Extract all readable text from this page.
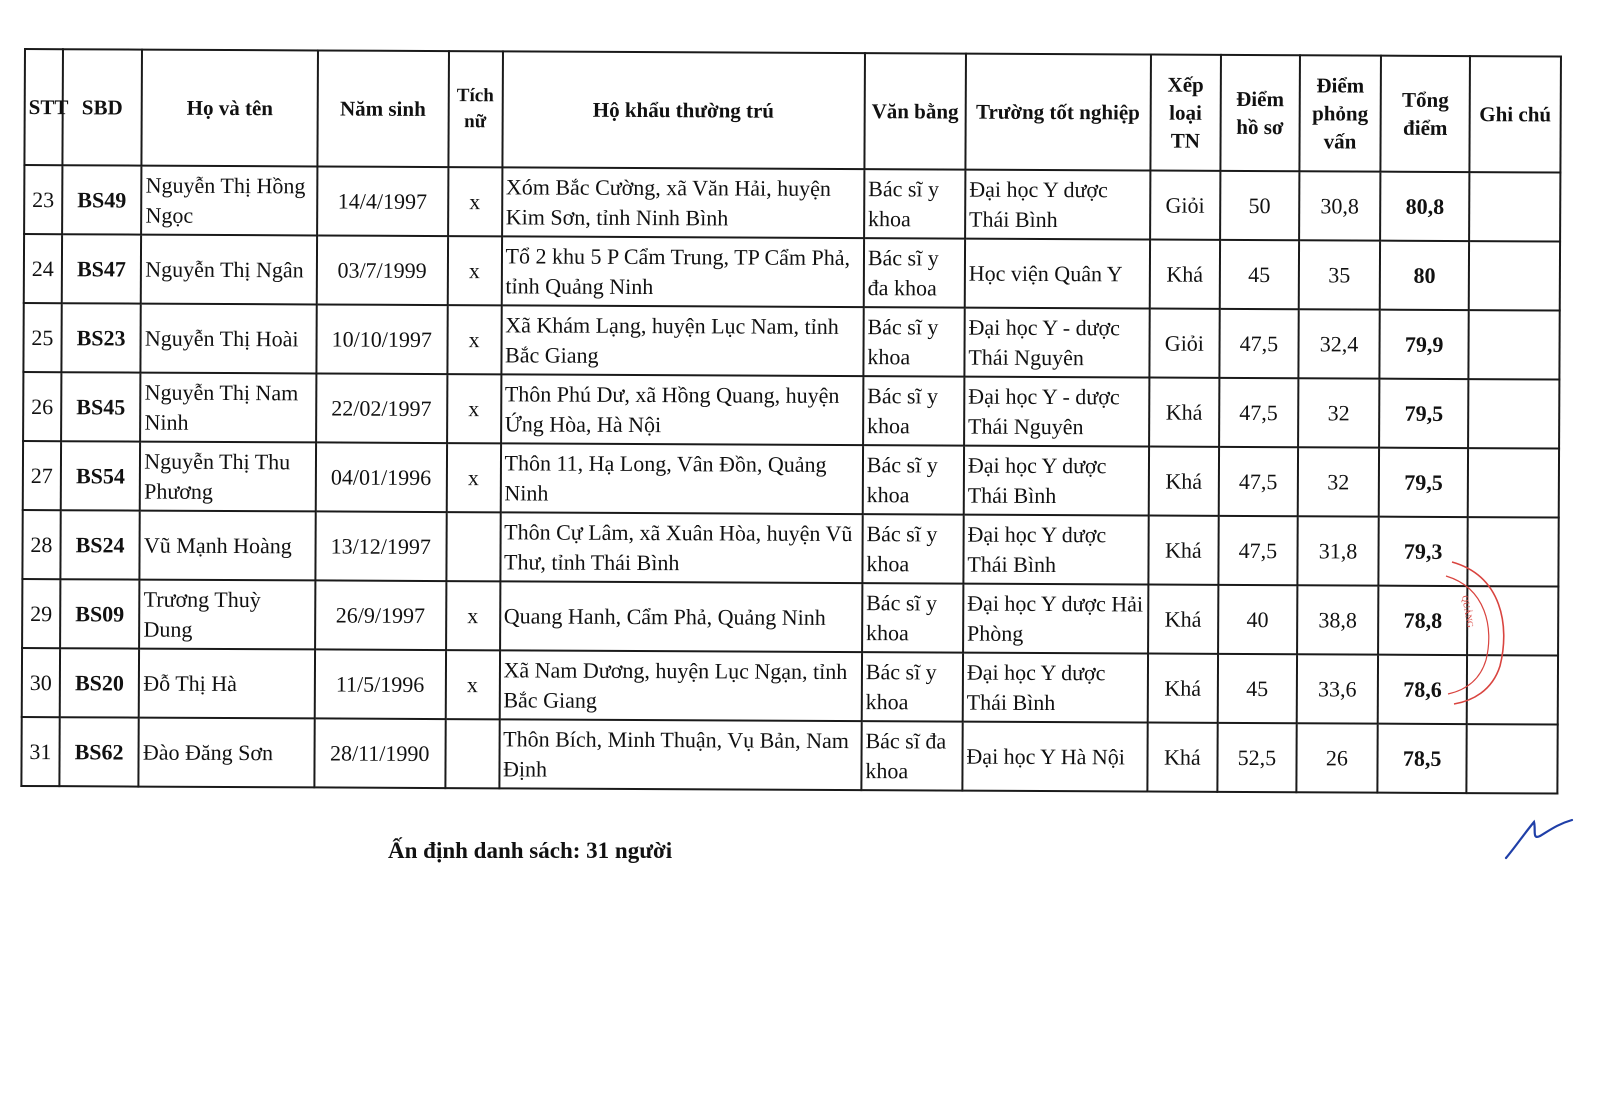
STT	SBD	Họ và tên	Năm sinh	Tích nữ	Hộ khẩu thường trú	Văn bằng	Trường tốt nghiệp	Xếp loại TN	Điểm hồ sơ	Điểm phỏng vấn	Tổng điểm	Ghi chú
23	BS49	Nguyễn Thị Hồng Ngọc	14/4/1997	x	Xóm Bắc Cường, xã Văn Hải, huyện Kim Sơn, tỉnh Ninh Bình	Bác sĩ y khoa	Đại học Y dược Thái Bình	Giỏi	50	30,8	80,8	
24	BS47	Nguyễn Thị Ngân	03/7/1999	x	Tổ 2 khu 5 P Cẩm Trung, TP Cẩm Phả, tỉnh Quảng Ninh	Bác sĩ y đa khoa	Học viện Quân Y	Khá	45	35	80	
25	BS23	Nguyễn Thị Hoài	10/10/1997	x	Xã Khám Lạng, huyện Lục Nam, tỉnh Bắc Giang	Bác sĩ y khoa	Đại học Y - dược Thái Nguyên	Giỏi	47,5	32,4	79,9	
26	BS45	Nguyễn Thị Nam Ninh	22/02/1997	x	Thôn Phú Dư, xã Hồng Quang, huyện Ứng Hòa, Hà Nội	Bác sĩ y khoa	Đại học Y - dược Thái Nguyên	Khá	47,5	32	79,5	
27	BS54	Nguyễn Thị Thu Phương	04/01/1996	x	Thôn 11, Hạ Long, Vân Đồn, Quảng Ninh	Bác sĩ y khoa	Đại học Y dược Thái Bình	Khá	47,5	32	79,5	
28	BS24	Vũ Mạnh Hoàng	13/12/1997		Thôn Cự Lâm, xã Xuân Hòa, huyện Vũ Thư, tỉnh Thái Bình	Bác sĩ y khoa	Đại học Y dược Thái Bình	Khá	47,5	31,8	79,3	
29	BS09	Trương Thuỳ Dung	26/9/1997	x	Quang Hanh, Cẩm Phả, Quảng Ninh	Bác sĩ y khoa	Đại học Y dược Hải Phòng	Khá	40	38,8	78,8	
30	BS20	Đỗ Thị Hà	11/5/1996	x	Xã Nam Dương, huyện Lục Ngạn, tỉnh Bắc Giang	Bác sĩ y khoa	Đại học Y dược Thái Bình	Khá	45	33,6	78,6	
31	BS62	Đào Đăng Sơn	28/11/1990		Thôn Bích, Minh Thuận, Vụ Bản, Nam Định	Bác sĩ đa khoa	Đại học Y Hà Nội	Khá	52,5	26	78,5	
Ấn định danh sách: 31 người
QUẢNG
